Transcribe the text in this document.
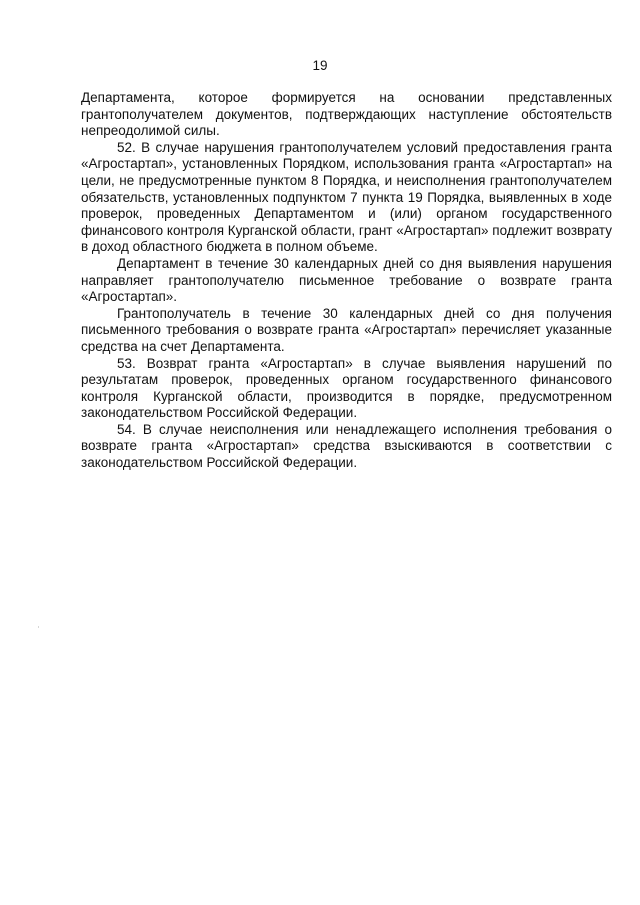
19

Департамента, которое формируется на основании представленных грантополучателем документов, подтверждающих наступление обстоятельств непреодолимой силы.

52. В случае нарушения грантополучателем условий предоставления гранта «Агростартап», установленных Порядком, использования гранта «Агростартап» на цели, не предусмотренные пунктом 8 Порядка, и неисполнения грантополучателем обязательств, установленных подпунктом 7 пункта 19 Порядка, выявленных в ходе проверок, проведенных Департаментом и (или) органом государственного финансового контроля Курганской области, грант «Агростартап» подлежит возврату в доход областного бюджета в полном объеме.

Департамент в течение 30 календарных дней со дня выявления нарушения направляет грантополучателю письменное требование о возврате гранта «Агростартап».

Грантополучатель в течение 30 календарных дней со дня получения письменного требования о возврате гранта «Агростартап» перечисляет указанные средства на счет Департамента.

53. Возврат гранта «Агростартап» в случае выявления нарушений по результатам проверок, проведенных органом государственного финансового контроля Курганской области, производится в порядке, предусмотренном законодательством Российской Федерации.

54. В случае неисполнения или ненадлежащего исполнения требования о возврате гранта «Агростартап» средства взыскиваются в соответствии с законодательством Российской Федерации.
